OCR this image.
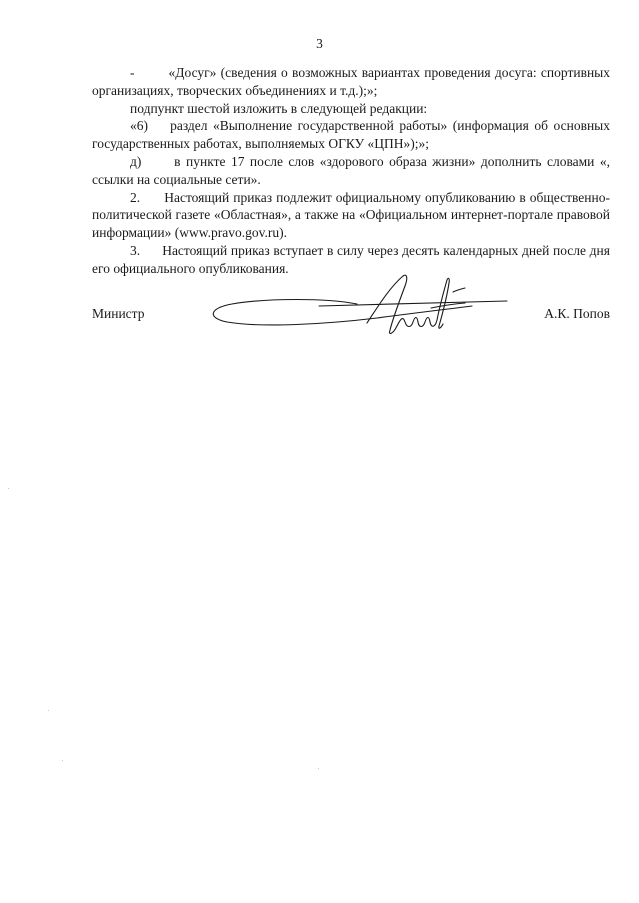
3

-        «Досуг» (сведения о возможных вариантах проведения досуга: спортивных организациях, творческих объединениях и т.д.);»;

подпункт шестой изложить в следующей редакции:

«6)    раздел «Выполнение государственной работы» (информация об основных государственных работах, выполняемых ОГКУ «ЦПН»);»;

д)      в пункте 17 после слов «здорового образа жизни» дополнить словами «, ссылки на социальные сети».

2.      Настоящий приказ подлежит официальному опубликованию в общественно-политической газете «Областная», а также на «Официальном интернет-портале правовой информации» (www.pravo.gov.ru).

3.      Настоящий приказ вступает в силу через десять календарных дней после дня его официального опубликования.

Министр	А.К. Попов
